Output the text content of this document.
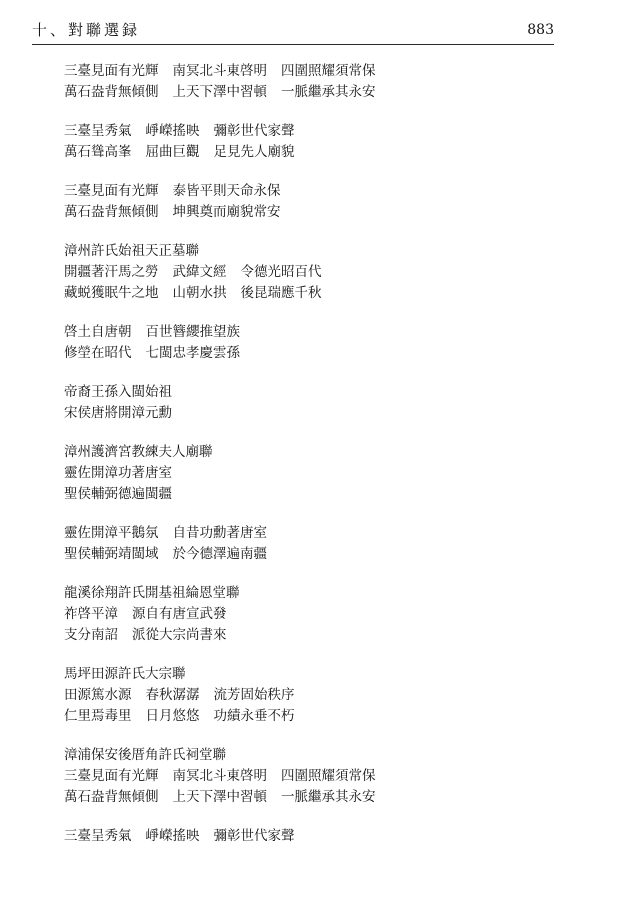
十、對聯選録	883
三臺見面有光輝 南冥北斗東啓明 四圍照耀須常保
萬石盎背無傾側 上天下澤中習頓 一脈繼承其永安
三臺呈秀氣 崢嶸搖映 彌彰世代家聲
萬石聳高峯 屈曲巨觀 足見先人廟貌
三臺見面有光輝 泰皆平則天命永保
萬石盎背無傾側 坤興奠而廟貌常安
漳州許氏始祖天正墓聯
開疆著汗馬之勞 武緯文經 令德光昭百代
藏蜕獲眠牛之地 山朝水拱 後昆瑞應千秋
啓土自唐朝 百世簪纓推望族
修塋在昭代 七閩忠孝慶雲孫
帝裔王孫入閩始祖
宋侯唐將開漳元勳
漳州護濟宮教練夫人廟聯
靈佐開漳功著唐室
聖侯輔弼德遍閩疆
靈佐開漳平鵝氛 自昔功勳著唐室
聖侯輔弼靖閩域 於今德澤遍南疆
龍溪徐翔許氏開基祖綸恩堂聯
祚啓平漳 源自有唐宣武發
支分南詔 派從大宗尚書來
馬坪田源許氏大宗聯
田源篤水源 春秋潺潺 流芳固始秩序
仁里焉毒里 日月悠悠 功績永垂不朽
漳浦保安後厝角許氏祠堂聯
三臺見面有光輝 南冥北斗東啓明 四圍照耀須常保
萬石盎背無傾側 上天下澤中習頓 一脈繼承其永安
三臺呈秀氣 崢嶸搖映 彌彰世代家聲
